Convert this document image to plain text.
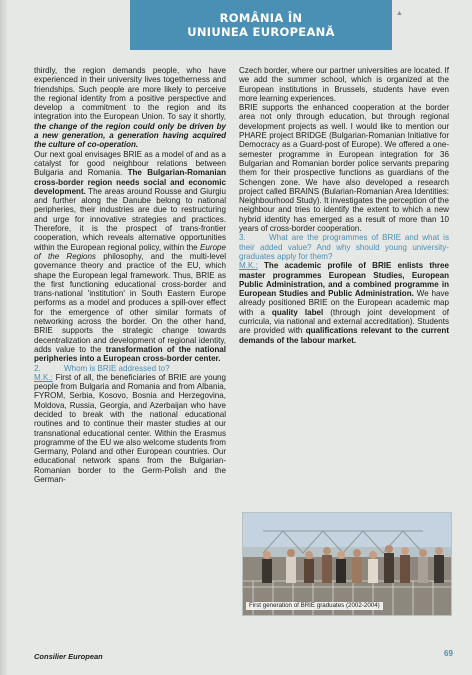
ROMÂNIA ÎN
UNIUNEA EUROPEANĂ
▲

thirdly, the region demands people, who have experienced in their university lives togetherness and friendships. Such people are more likely to perceive the regional identity from a positive perspective and develop a commitment to the region and its integration into the European Union. To say it shortly, the change of the region could only be driven by a new generation, a generation having acquired the culture of co-operation.

Our next goal envisages BRIE as a model of and as a catalyst for good neighbour relations between Bulgaria and Romania. The Bulgarian-Romanian cross-border region needs social and economic development. The areas around Rousse and Giurgiu and further along the Danube belong to national peripheries, their industries are due to restructuring and urge for innovative strategies and practices. Therefore, it is the prospect of trans-frontier cooperation, which reveals alternative opportunities within the European regional policy, within the Europe of the Regions philosophy, and the multi-level governance theory and practice of the EU, which shape the European legal framework. Thus, BRIE as the first functioning educational cross-border and trans-national 'institution' in South Eastern Europe performs as a model and produces a spill-over effect for the emergence of other similar formats of networking across the border. On the other hand, BRIE supports the strategic change towards decentralization and development of regional identity, adds value to the transformation of the national peripheries into a European cross-border center.

2.	Whom is BRIE addressed to?

M.K.: First of all, the beneficiaries of BRIE are young people from Bulgaria and Romania and from Albania, FYROM, Serbia, Kosovo, Bosnia and Herzegovina, Moldova, Russia, Georgia, and Azerbaijan who have decided to break with the national educational routines and to continue their master studies at our transnational educational center. Within the Erasmus programme of the EU we also welcome students from Germany, Poland and other European countries. Our educational network spans from the Bulgarian-Romanian border to the Germ-Polish and the German-

Czech border, where our partner universities are located. If we add the summer school, which is organized at the European institutions in Brussels, students have even more learning experiences.

BRIE supports the enhanced cooperation at the border area not only through education, but through regional development projects as well. I would like to mention our PHARE project BRIDGE (Bulgarian-Romanian Initiative for Democracy as a Guard-post of Europe). We offered a one-semester programme in European integration for 36 Bulgarian and Romanian border police servants preparing them for their prospective functions as guardians of the Schengen zone. We have also developed a research project called BRAINS (Bularian-Romanian Area Identities: Neighbourhood Study). It investigates the perception of the neighbour and tries to identify the extent to which a new hybrid identity has emerged as a result of more than 10 years of cross-border cooperation.

3.	What are the programmes of BRIE and what is their added value? And why should young university-graduates apply for them?

M.K.: The academic profile of BRIE enlists three master programmes European Studies, European Public Administration, and a combined programme in European Studies and Public Administration. We have already positioned BRIE on the European academic map with a quality label (through joint development of curricula, via national and external accreditation). Students are provided with qualifications relevant to the current demands of the labour market.

First generation of BRIE graduates (2002-2004)
Consilier European	69
